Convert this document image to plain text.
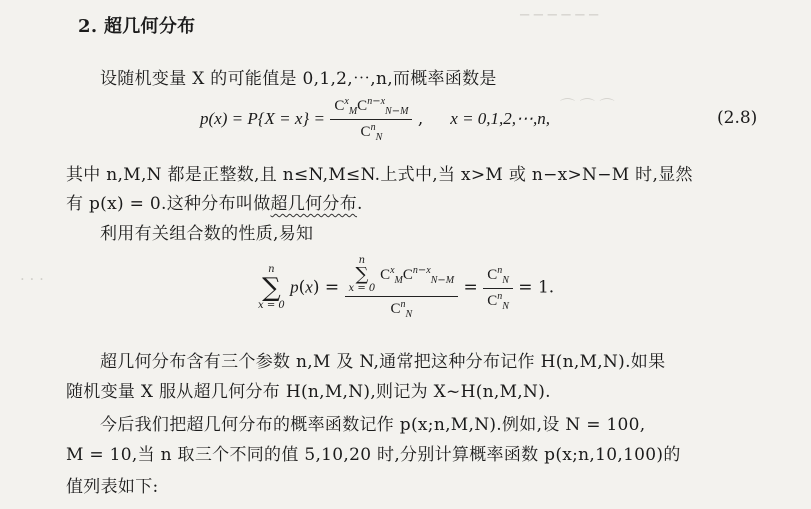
─ ─ ─ ─ ─ ─
⌒ ⌒ ⌒
· · ·
2. 超几何分布
设随机变量 X 的可能值是 0,1,2,⋯,n,而概率函数是
$p(x) = P\{X = x\} = \frac{C^x_MC^{n-x}_{N-M}}{C^n_N}$ ,     x = 0,1,2,⋯,n,	(2.8)
其中 n,M,N 都是正整数,且 n≤N,M≤N.上式中,当 x>M 或 n−x>N−M 时,显然
有 p(x) = 0.这种分布叫做超几何分布.
利用有关组合数的性质,易知
n
∑
x = 0
p(x) = n
∑
x = 0
$C^x_MC^{n-x}_{N-M}$
$C^n_N = \frac{C^n_N}{C^n_N} = 1$.
超几何分布含有三个参数 n,M 及 N,通常把这种分布记作 H(n,M,N).如果
随机变量 X 服从超几何分布 H(n,M,N),则记为 X~H(n,M,N).
今后我们把超几何分布的概率函数记作 p(x;n,M,N).例如,设 N = 100,
M = 10,当 n 取三个不同的值 5,10,20 时,分别计算概率函数 p(x;n,10,100)的
值列表如下:
